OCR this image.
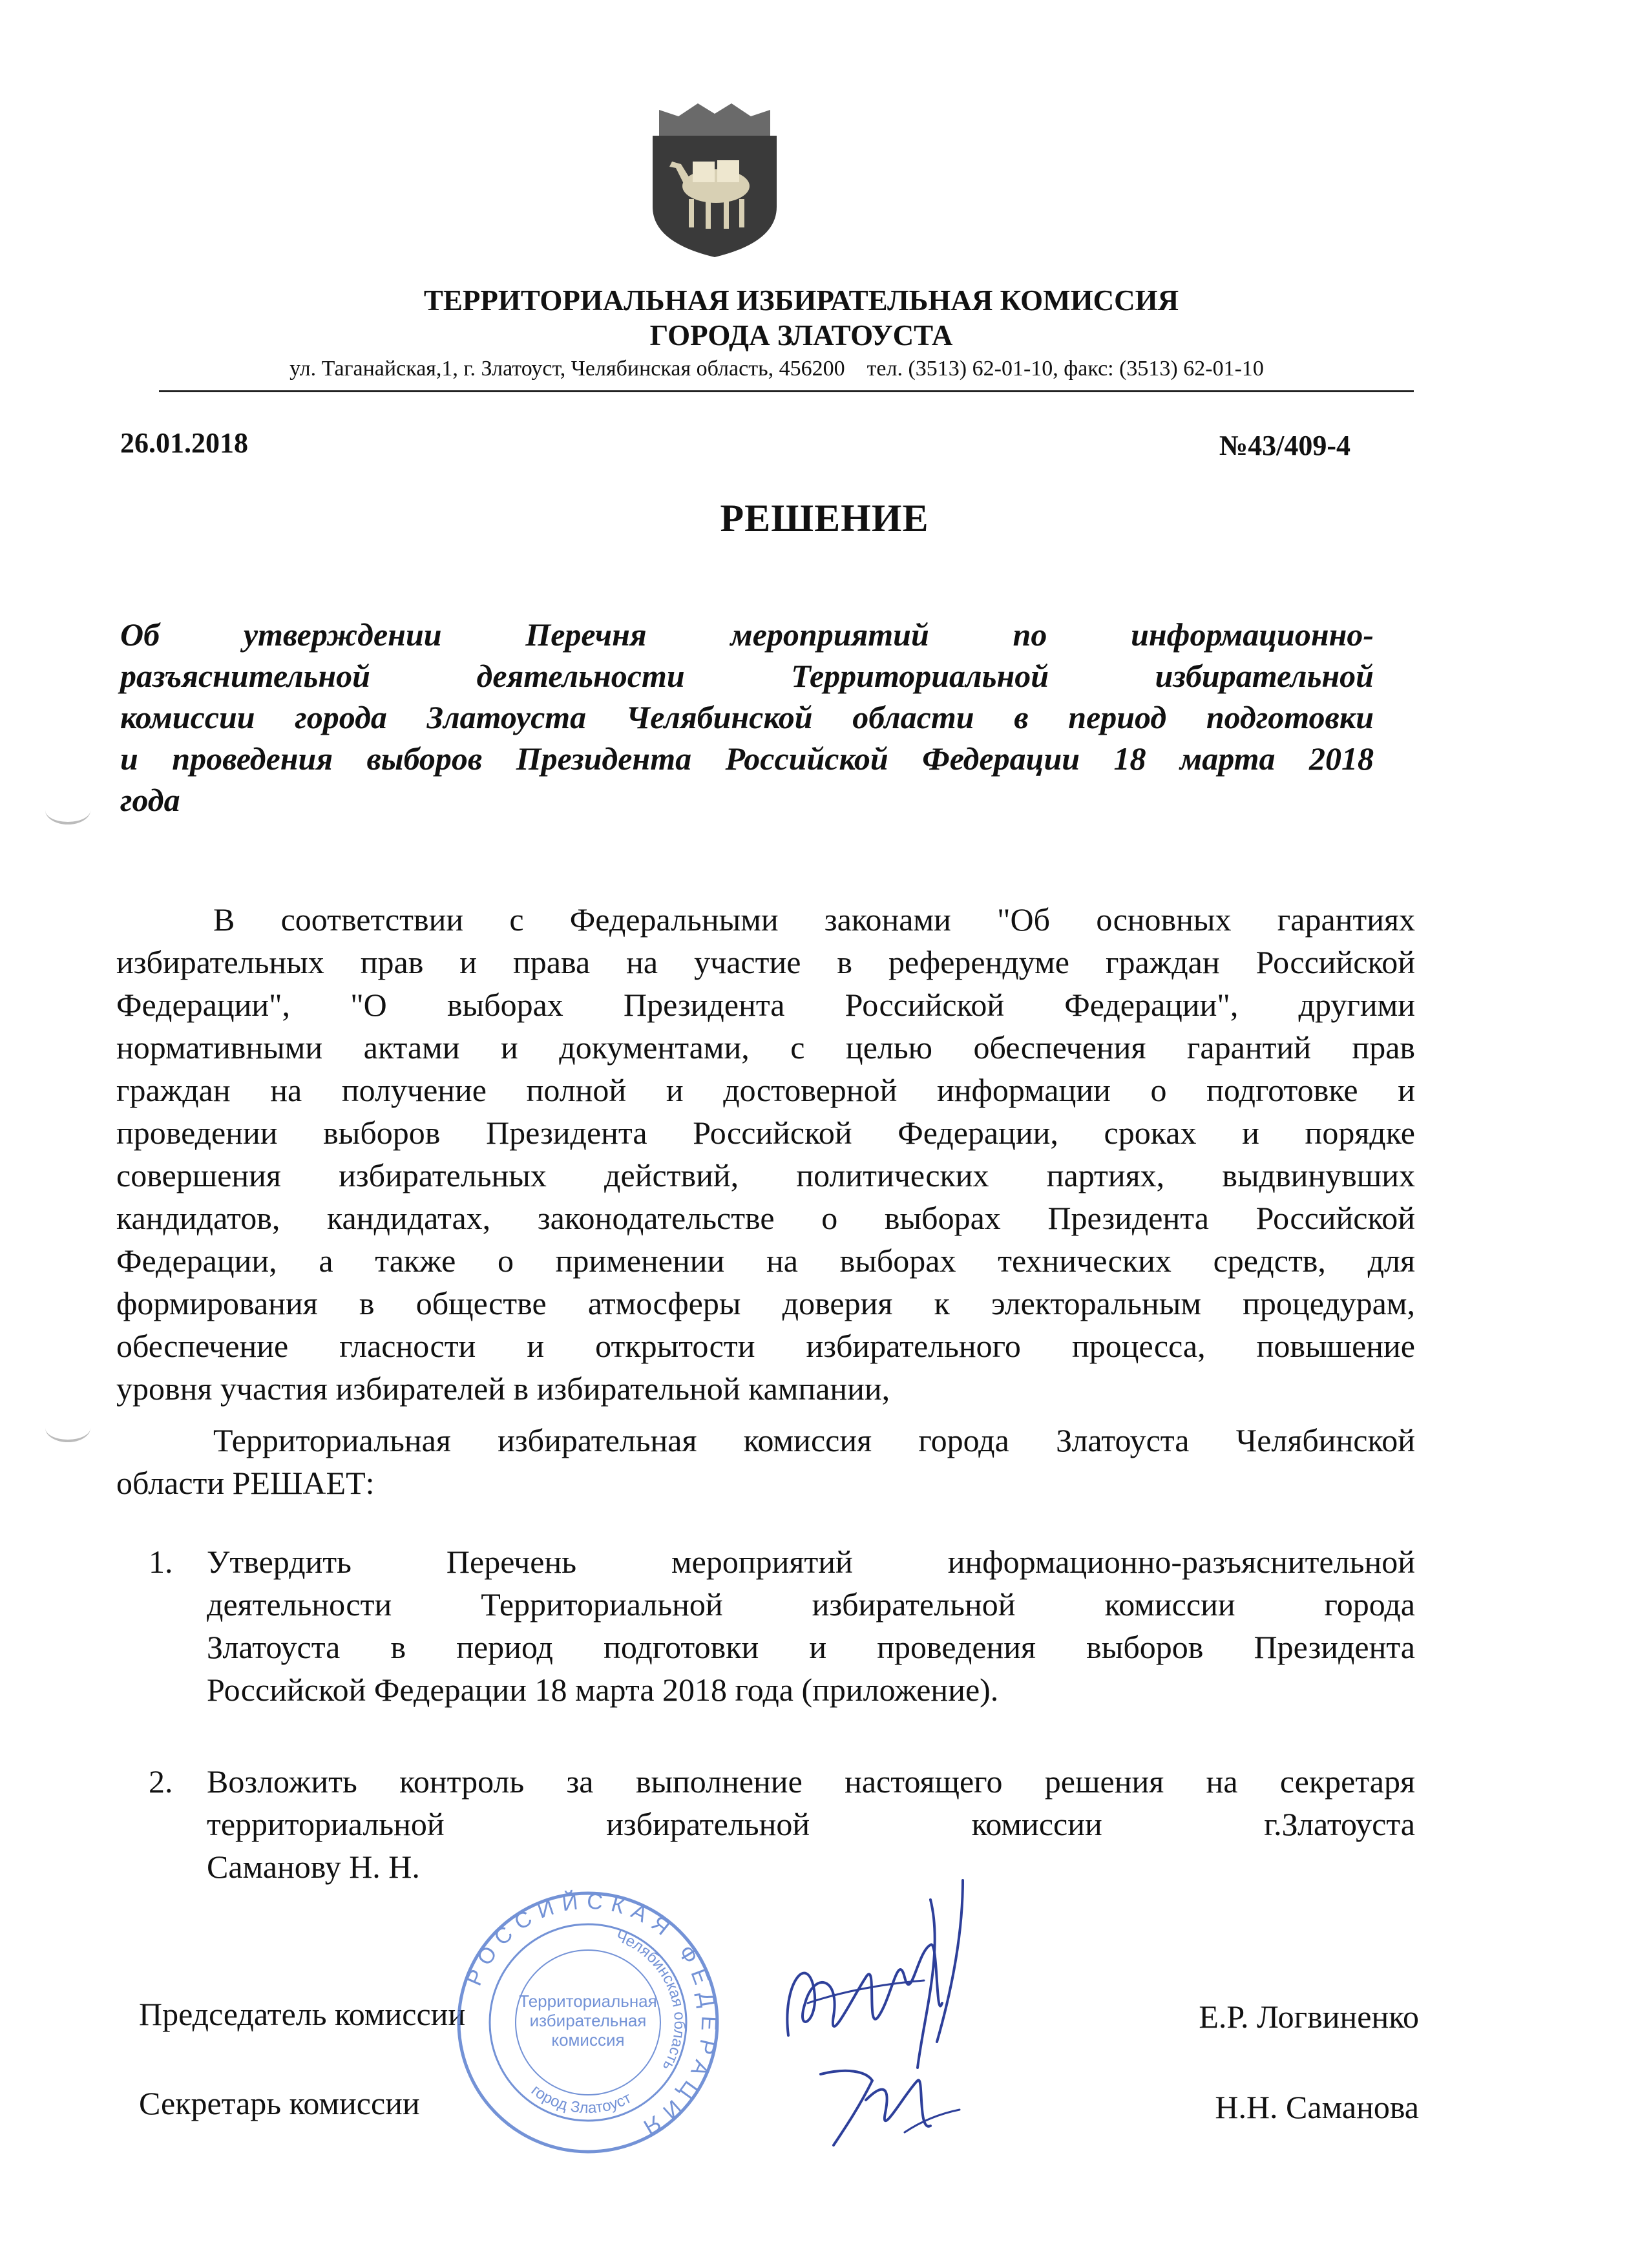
ТЕРРИТОРИАЛЬНАЯ ИЗБИРАТЕЛЬНАЯ КОМИССИЯ
ГОРОДА ЗЛАТОУСТА
ул. Таганайская,1, г. Златоуст, Челябинская область, 456200    тел. (3513) 62-01-10, факс: (3513) 62-01-10
26.01.2018	№43/409-4
РЕШЕНИЕ
Об утверждении Перечня мероприятий по информационно-
разъяснительной деятельности Территориальной избирательной
комиссии города Златоуста Челябинской области в период подготовки
и проведения выборов Президента Российской Федерации 18 марта 2018
года
В соответствии с Федеральными законами "Об основных гарантиях
избирательных прав и права на участие в референдуме граждан Российской
Федерации", "О выборах Президента Российской Федерации", другими
нормативными актами и документами, с целью обеспечения гарантий прав
граждан на получение полной и достоверной информации о подготовке и
проведении выборов Президента Российской Федерации, сроках и порядке
совершения избирательных действий, политических партиях, выдвинувших
кандидатов, кандидатах, законодательстве о выборах Президента Российской
Федерации, а также о применении на выборах технических средств, для
формирования в обществе атмосферы доверия к электоральным процедурам,
обеспечение гласности и открытости избирательного процесса, повышение
уровня участия избирателей в избирательной кампании,
Территориальная избирательная комиссия города Златоуста Челябинской
области РЕШАЕТ:
1. Утвердить Перечень мероприятий информационно-разъяснительной
деятельности Территориальной избирательной комиссии города
Златоуста в период подготовки и проведения выборов Президента
Российской Федерации 18 марта 2018 года (приложение).
2. Возложить контроль за выполнение настоящего решения на секретаря
территориальной избирательной комиссии г.Златоуста
Саманову Н. Н.
Председатель комиссии	Е.Р. Логвиненко
Секретарь комиссии	Н.Н. Саманова
РОССИЙСКАЯ ФЕДЕРАЦИЯ
Челябинская область
город Златоуст
Территориальная
избирательная
комиссия
